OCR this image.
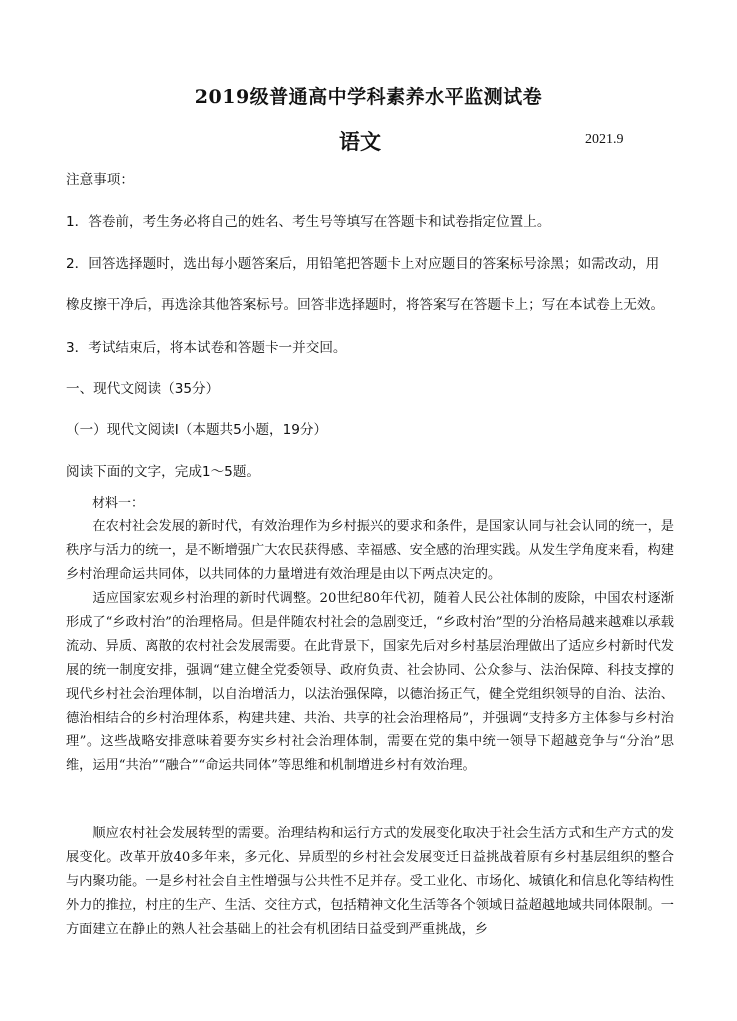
2019级普通高中学科素养水平监测试卷
语文	2021.9
注意事项：
1．答卷前，考生务必将自己的姓名、考生号等填写在答题卡和试卷指定位置上。
2．回答选择题时，选出每小题答案后，用铅笔把答题卡上对应题目的答案标号涂黑；如需改动，用
橡皮擦干净后，再选涂其他答案标号。回答非选择题时，将答案写在答题卡上；写在本试卷上无效。
3．考试结束后，将本试卷和答题卡一并交回。
一、现代文阅读（35分）
（一）现代文阅读Ⅰ（本题共5小题，19分）
阅读下面的文字，完成1～5题。
材料一：

在农村社会发展的新时代，有效治理作为乡村振兴的要求和条件，是国家认同与社会认同的统一，是秩序与活力的统一，是不断增强广大农民获得感、幸福感、安全感的治理实践。从发生学角度来看，构建乡村治理命运共同体，以共同体的力量增进有效治理是由以下两点决定的。

适应国家宏观乡村治理的新时代调整。20世纪80年代初，随着人民公社体制的废除，中国农村逐渐形成了“乡政村治”的治理格局。但是伴随农村社会的急剧变迁，“乡政村治”型的分治格局越来越难以承载流动、异质、离散的农村社会发展需要。在此背景下，国家先后对乡村基层治理做出了适应乡村新时代发展的统一制度安排，强调“建立健全党委领导、政府负责、社会协同、公众参与、法治保障、科技支撑的现代乡村社会治理体制，以自治增活力，以法治强保障，以德治扬正气，健全党组织领导的自治、法治、德治相结合的乡村治理体系，构建共建、共治、共享的社会治理格局”，并强调“支持多方主体参与乡村治理”。这些战略安排意味着要夯实乡村社会治理体制，需要在党的集中统一领导下超越竞争与“分治”思维，运用“共治”“融合”“命运共同体”等思维和机制增进乡村有效治理。

顺应农村社会发展转型的需要。治理结构和运行方式的发展变化取决于社会生活方式和生产方式的发展变化。改革开放40多年来，多元化、异质型的乡村社会发展变迁日益挑战着原有乡村基层组织的整合与内聚功能。一是乡村社会自主性增强与公共性不足并存。受工业化、市场化、城镇化和信息化等结构性外力的推拉，村庄的生产、生活、交往方式，包括精神文化生活等各个领域日益超越地域共同体限制。一方面建立在静止的熟人社会基础上的社会有机团结日益受到严重挑战，乡
